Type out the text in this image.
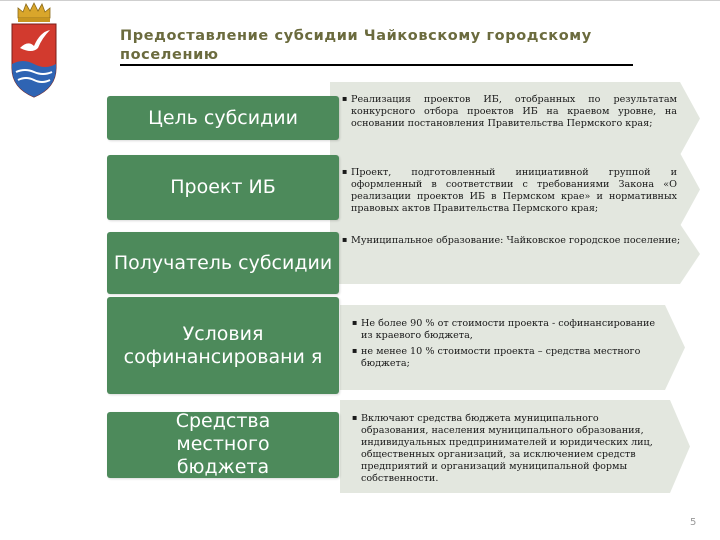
Предоставление субсидии Чайковскому городскому поселению
▪ Реализация проектов ИБ, отобранных по результатам конкурсного отбора проектов ИБ на краевом уровне, на основании постановления Правительства Пермского края;
Цель субсидии
▪ Проект, подготовленный инициативной группой и оформленный в соответствии с требованиями Закона «О реализации проектов ИБ в Пермском крае» и нормативных правовых актов Правительства Пермского края;
Проект ИБ
▪ Муниципальное образование: Чайковское городское поселение;
Получатель субсидии
▪ Не более 90 % от стоимости проекта - софинансирование из краевого бюджета,
▪ не менее 10 % стоимости проекта – средства местного бюджета;
Условия софинансировани я
▪ Включают средства бюджета муниципального образования, населения муниципального образования, индивидуальных предпринимателей и юридических лиц, общественных организаций, за исключением средств предприятий и организаций муниципальной формы собственности.
Средства местного бюджета
5
